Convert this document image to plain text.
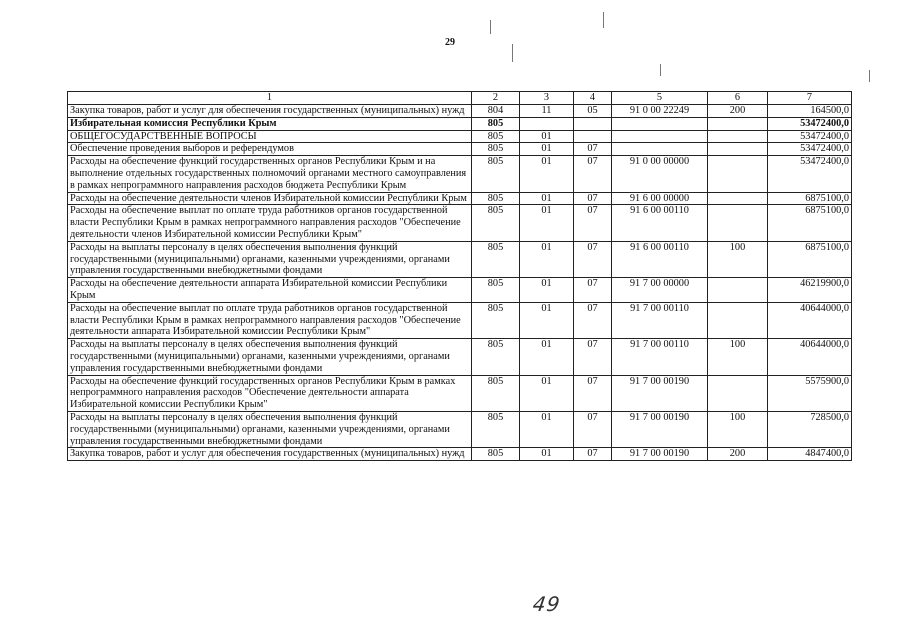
29
1	2	3	4	5	6	7
Закупка товаров, работ и услуг для обеспечения государственных (муниципальных) нужд	804	11	05	91 0 00 22249	200	164500,0
Избирательная комиссия Республики Крым	805					53472400,0
ОБЩЕГОСУДАРСТВЕННЫЕ ВОПРОСЫ	805	01				53472400,0
Обеспечение проведения выборов и референдумов	805	01	07			53472400,0
Расходы на обеспечение функций государственных органов Республики Крым и на выполнение отдельных государственных полномочий органами местного самоуправления в рамках непрограммного направления расходов бюджета Республики Крым	805	01	07	91 0 00 00000		53472400,0
Расходы на обеспечение деятельности членов Избирательной комиссии Республики Крым	805	01	07	91 6 00 00000		6875100,0
Расходы на обеспечение выплат по оплате труда работников органов государственной власти Республики Крым в рамках непрограммного направления расходов "Обеспечение деятельности членов Избирательной комиссии Республики Крым"	805	01	07	91 6 00 00110		6875100,0
Расходы на выплаты персоналу в целях обеспечения выполнения функций государственными (муниципальными) органами, казенными учреждениями, органами управления государственными внебюджетными фондами	805	01	07	91 6 00 00110	100	6875100,0
Расходы на обеспечение деятельности аппарата Избирательной комиссии Республики Крым	805	01	07	91 7 00 00000		46219900,0
Расходы на обеспечение выплат по оплате труда работников органов государственной власти Республики Крым в рамках непрограммного направления расходов "Обеспечение деятельности аппарата Избирательной комиссии Республики Крым"	805	01	07	91 7 00 00110		40644000,0
Расходы на выплаты персоналу в целях обеспечения выполнения функций государственными (муниципальными) органами, казенными учреждениями, органами управления государственными внебюджетными фондами	805	01	07	91 7 00 00110	100	40644000,0
Расходы на обеспечение функций государственных органов Республики Крым в рамках непрограммного направления расходов "Обеспечение деятельности аппарата Избирательной комиссии Республики Крым"	805	01	07	91 7 00 00190		5575900,0
Расходы на выплаты персоналу в целях обеспечения выполнения функций государственными (муниципальными) органами, казенными учреждениями, органами управления государственными внебюджетными фондами	805	01	07	91 7 00 00190	100	728500,0
Закупка товаров, работ и услуг для обеспечения государственных (муниципальных) нужд	805	01	07	91 7 00 00190	200	4847400,0
49
